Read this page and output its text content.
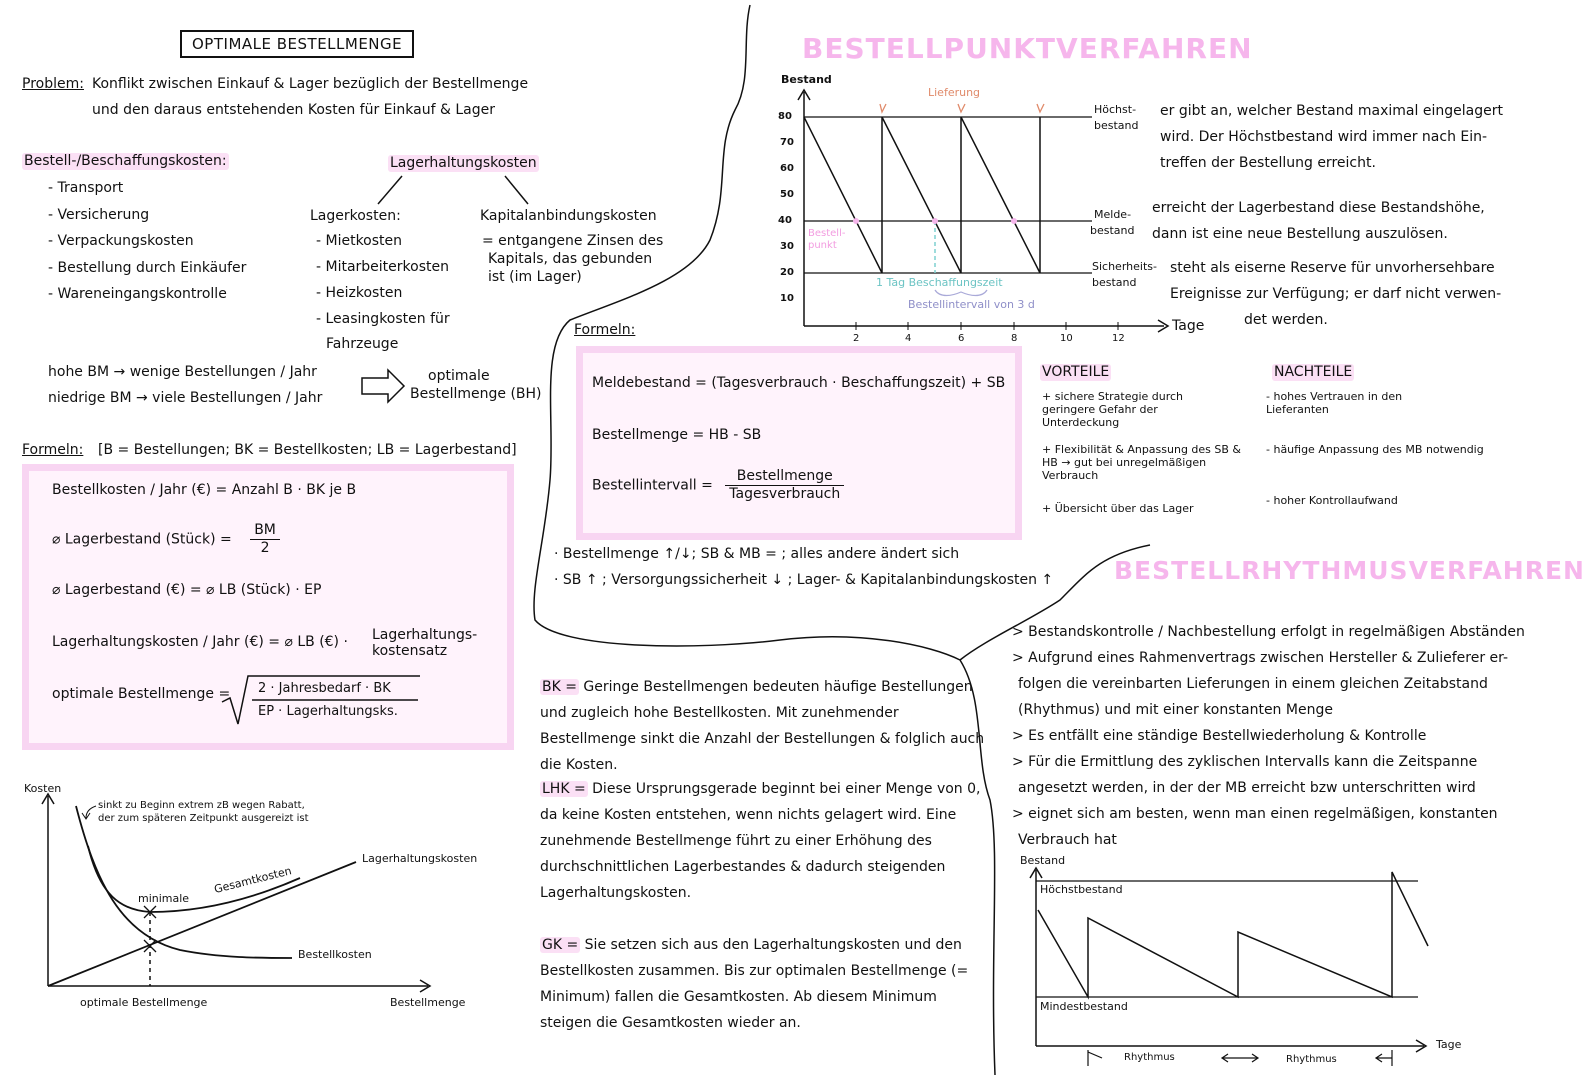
OPTIMALE BESTELLMENGE
Problem: Konflikt zwischen Einkauf & Lager bezüglich der Bestellmenge
und den daraus entstehenden Kosten für Einkauf & Lager
Bestell-/Beschaffungskosten:
- Transport
- Versicherung
- Verpackungskosten
- Bestellung durch Einkäufer
- Wareneingangskontrolle
Lagerhaltungskosten
Lagerkosten:
- Mietkosten
- Mitarbeiterkosten
- Heizkosten
- Leasingkosten für
Fahrzeuge
Kapitalanbindungskosten
= entgangene Zinsen des
Kapitals, das gebunden
ist (im Lager)
hohe BM → wenige Bestellungen / Jahr
niedrige BM → viele Bestellungen / Jahr
optimale
Bestellmenge (BH)
Formeln: [B = Bestellungen; BK = Bestellkosten; LB = Lagerbestand]
Bestellkosten / Jahr (€) = Anzahl B · BK je B
⌀ Lagerbestand (Stück) = $\frac{BM}{2}$
⌀ Lagerbestand (€) = ⌀ LB (Stück) · EP
Lagerhaltungskosten / Jahr (€) = ⌀ LB (€) · Lagerhaltungs-
kostensatz
optimale Bestellmenge = 2 · Jahresbedarf · BK
EP · Lagerhaltungsks.
Kosten
sinkt zu Beginn extrem zB wegen Rabatt,
der zum späteren Zeitpunkt ausgereizt ist
Lagerhaltungskosten
minimale
Gesamtkosten
Bestellkosten
optimale Bestellmenge	Bestellmenge
Formeln:
Meldebestand = (Tagesverbrauch · Beschaffungszeit) + SB
Bestellmenge = HB - SB
Bestellintervall = $\frac{\text{Bestellmenge}}{\text{Tagesverbrauch}}$
· Bestellmenge ↑/↓; SB & MB = ; alles andere ändert sich
· SB ↑ ; Versorgungssicherheit ↓ ; Lager- & Kapitalanbindungskosten ↑
BK = Geringe Bestellmengen bedeuten häufige Bestellungen und zugleich hohe Bestellkosten. Mit zunehmender Bestellmenge sinkt die Anzahl der Bestellungen & folglich auch die Kosten.
LHK = Diese Ursprungsgerade beginnt bei einer Menge von 0, da keine Kosten entstehen, wenn nichts gelagert wird. Eine zunehmende Bestellmenge führt zu einer Erhöhung des durchschnittlichen Lagerbestandes & dadurch steigenden Lagerhaltungskosten.
GK = Sie setzen sich aus den Lagerhaltungskosten und den Bestellkosten zusammen. Bis zur optimalen Bestellmenge (= Minimum) fallen die Gesamtkosten. Ab diesem Minimum steigen die Gesamtkosten wieder an.
BESTELLPUNKTVERFAHREN
Bestand
Lieferung
80
70
60
50
40
30
20
10
2	4	6	8	10	12
Tage
Bestell- punkt
1 Tag Beschaffungszeit
Bestellintervall von 3 d
Höchst-
bestand
er gibt an, welcher Bestand maximal eingelagert
wird. Der Höchstbestand wird immer nach Ein-
treffen der Bestellung erreicht.
Melde-
bestand
erreicht der Lagerbestand diese Bestandshöhe,
dann ist eine neue Bestellung auszulösen.
Sicherheits-
bestand
steht als eiserne Reserve für unvorhersehbare
Ereignisse zur Verfügung; er darf nicht verwen-
det werden.
VORTEILE
+ sichere Strategie durch geringere Gefahr der Unterdeckung
+ Flexibilität & Anpassung des SB & HB → gut bei unregelmäßigen Verbrauch
+ Übersicht über das Lager
NACHTEILE
- hohes Vertrauen in den Lieferanten
- häufige Anpassung des MB notwendig
- hoher Kontrollaufwand
BESTELLRHYTHMUSVERFAHREN
> Bestandskontrolle / Nachbestellung erfolgt in regelmäßigen Abständen
> Aufgrund eines Rahmenvertrags zwischen Hersteller & Zulieferer er-
folgen die vereinbarten Lieferungen in einem gleichen Zeitabstand
(Rhythmus) und mit einer konstanten Menge
> Es entfällt eine ständige Bestellwiederholung & Kontrolle
> Für die Ermittlung des zyklischen Intervalls kann die Zeitspanne
angesetzt werden, in der der MB erreicht bzw unterschritten wird
> eignet sich am besten, wenn man einen regelmäßigen, konstanten
Verbrauch hat
Bestand
Höchstbestand
Mindestbestand
Tage
Rhythmus	Rhythmus
